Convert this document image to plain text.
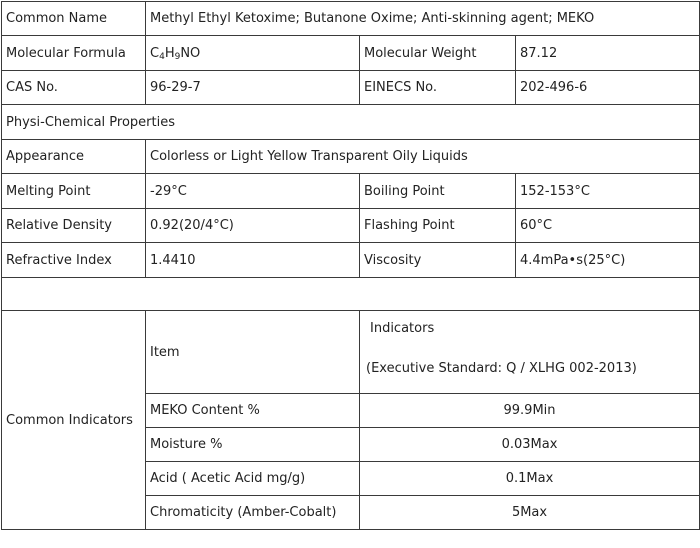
Common Name	Methyl Ethyl Ketoxime; Butanone Oxime; Anti-skinning agent; MEKO		
Molecular Formula	$C_4H_9NO$	Molecular Weight	87.12
CAS No.	96-29-7	EINECS No.	202-496-6
Physi-Chemical Properties			
Appearance	Colorless or Light Yellow Transparent Oily Liquids		
Melting Point	-29°C	Boiling Point	152-153°C
Relative Density	0.92(20/4°C)	Flashing Point	60°C
Refractive Index	1.4410	Viscosity	4.4mPa•s(25°C)

Common Indicators	Item	Indicators
(Executive Standard: Q / XLHG 002-2013)	

	MEKO Content %	99.9Min	
	Moisture %	0.03Max	
	Acid ( Acetic Acid mg/g)	0.1Max	
	Chromaticity (Amber-Cobalt)	5Max	
